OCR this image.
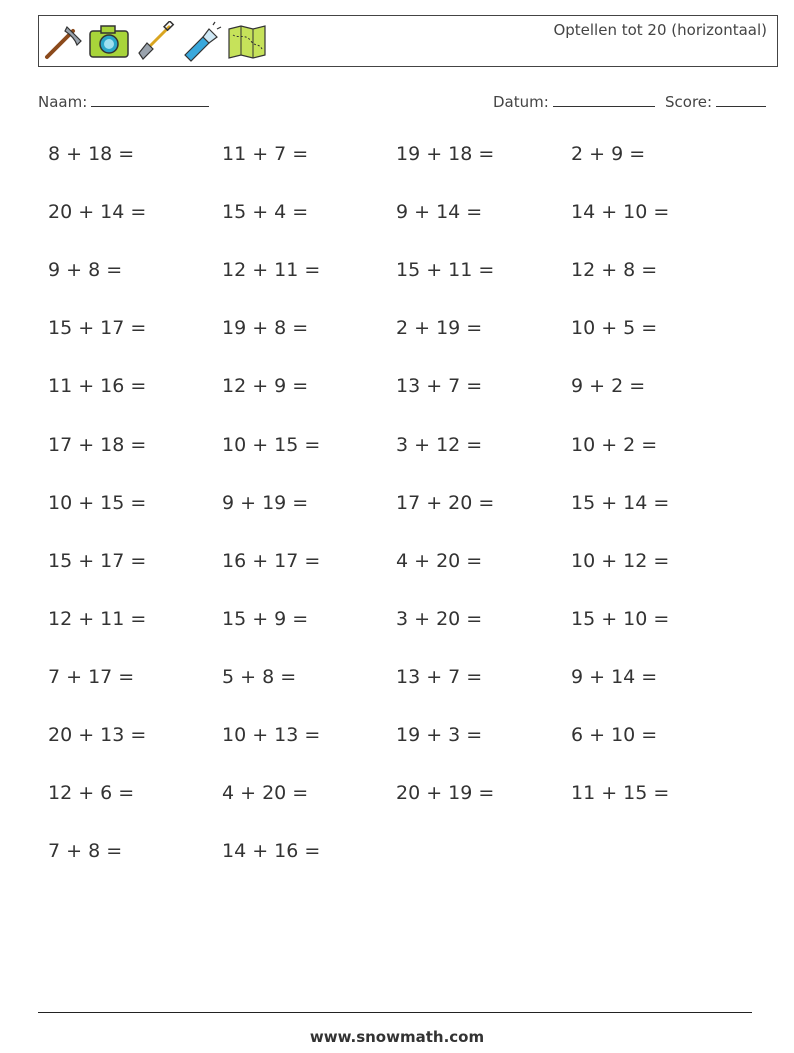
Optellen tot 20 (horizontaal)
Naam:	Datum:	Score:
8 + 18 =	11 + 7 =	19 + 18 =	2 + 9 =
20 + 14 =	15 + 4 =	9 + 14 =	14 + 10 =
9 + 8 =	12 + 11 =	15 + 11 =	12 + 8 =
15 + 17 =	19 + 8 =	2 + 19 =	10 + 5 =
11 + 16 =	12 + 9 =	13 + 7 =	9 + 2 =
17 + 18 =	10 + 15 =	3 + 12 =	10 + 2 =
10 + 15 =	9 + 19 =	17 + 20 =	15 + 14 =
15 + 17 =	16 + 17 =	4 + 20 =	10 + 12 =
12 + 11 =	15 + 9 =	3 + 20 =	15 + 10 =
7 + 17 =	5 + 8 =	13 + 7 =	9 + 14 =
20 + 13 =	10 + 13 =	19 + 3 =	6 + 10 =
12 + 6 =	4 + 20 =	20 + 19 =	11 + 15 =
7 + 8 =	14 + 16 =
www.snowmath.com
